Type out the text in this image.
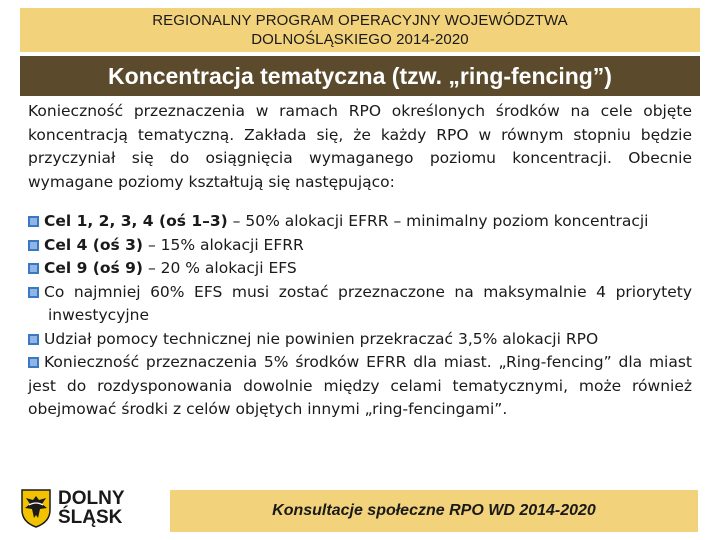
REGIONALNY PROGRAM OPERACYJNY WOJEWÓDZTWA
DOLNOŚLĄSKIEGO 2014-2020
Koncentracja tematyczna (tzw. „ring-fencing”)

Konieczność przeznaczenia w ramach RPO określonych środków na cele objęte koncentracją tematyczną. Zakłada się, że każdy RPO w równym stopniu będzie przyczyniał się do osiągnięcia wymaganego poziomu koncentracji. Obecnie wymagane poziomy kształtują się następująco:

Cel 1, 2, 3, 4 (oś 1–3) – 50% alokacji EFRR – minimalny poziom koncentracji
Cel 4 (oś 3) – 15% alokacji EFRR
Cel 9 (oś 9) – 20 % alokacji EFS
Co najmniej 60% EFS musi zostać przeznaczone na maksymalnie 4 priorytety inwestycyjne
Udział pomocy technicznej nie powinien przekraczać 3,5% alokacji RPO
Konieczność przeznaczenia 5% środków EFRR dla miast. „Ring-fencing” dla miast jest do rozdysponowania dowolnie między celami tematycznymi, może również obejmować środki z celów objętych innymi „ring-fencingami”.
DOLNY
ŚLĄSK	Konsultacje społeczne RPO WD 2014-2020
